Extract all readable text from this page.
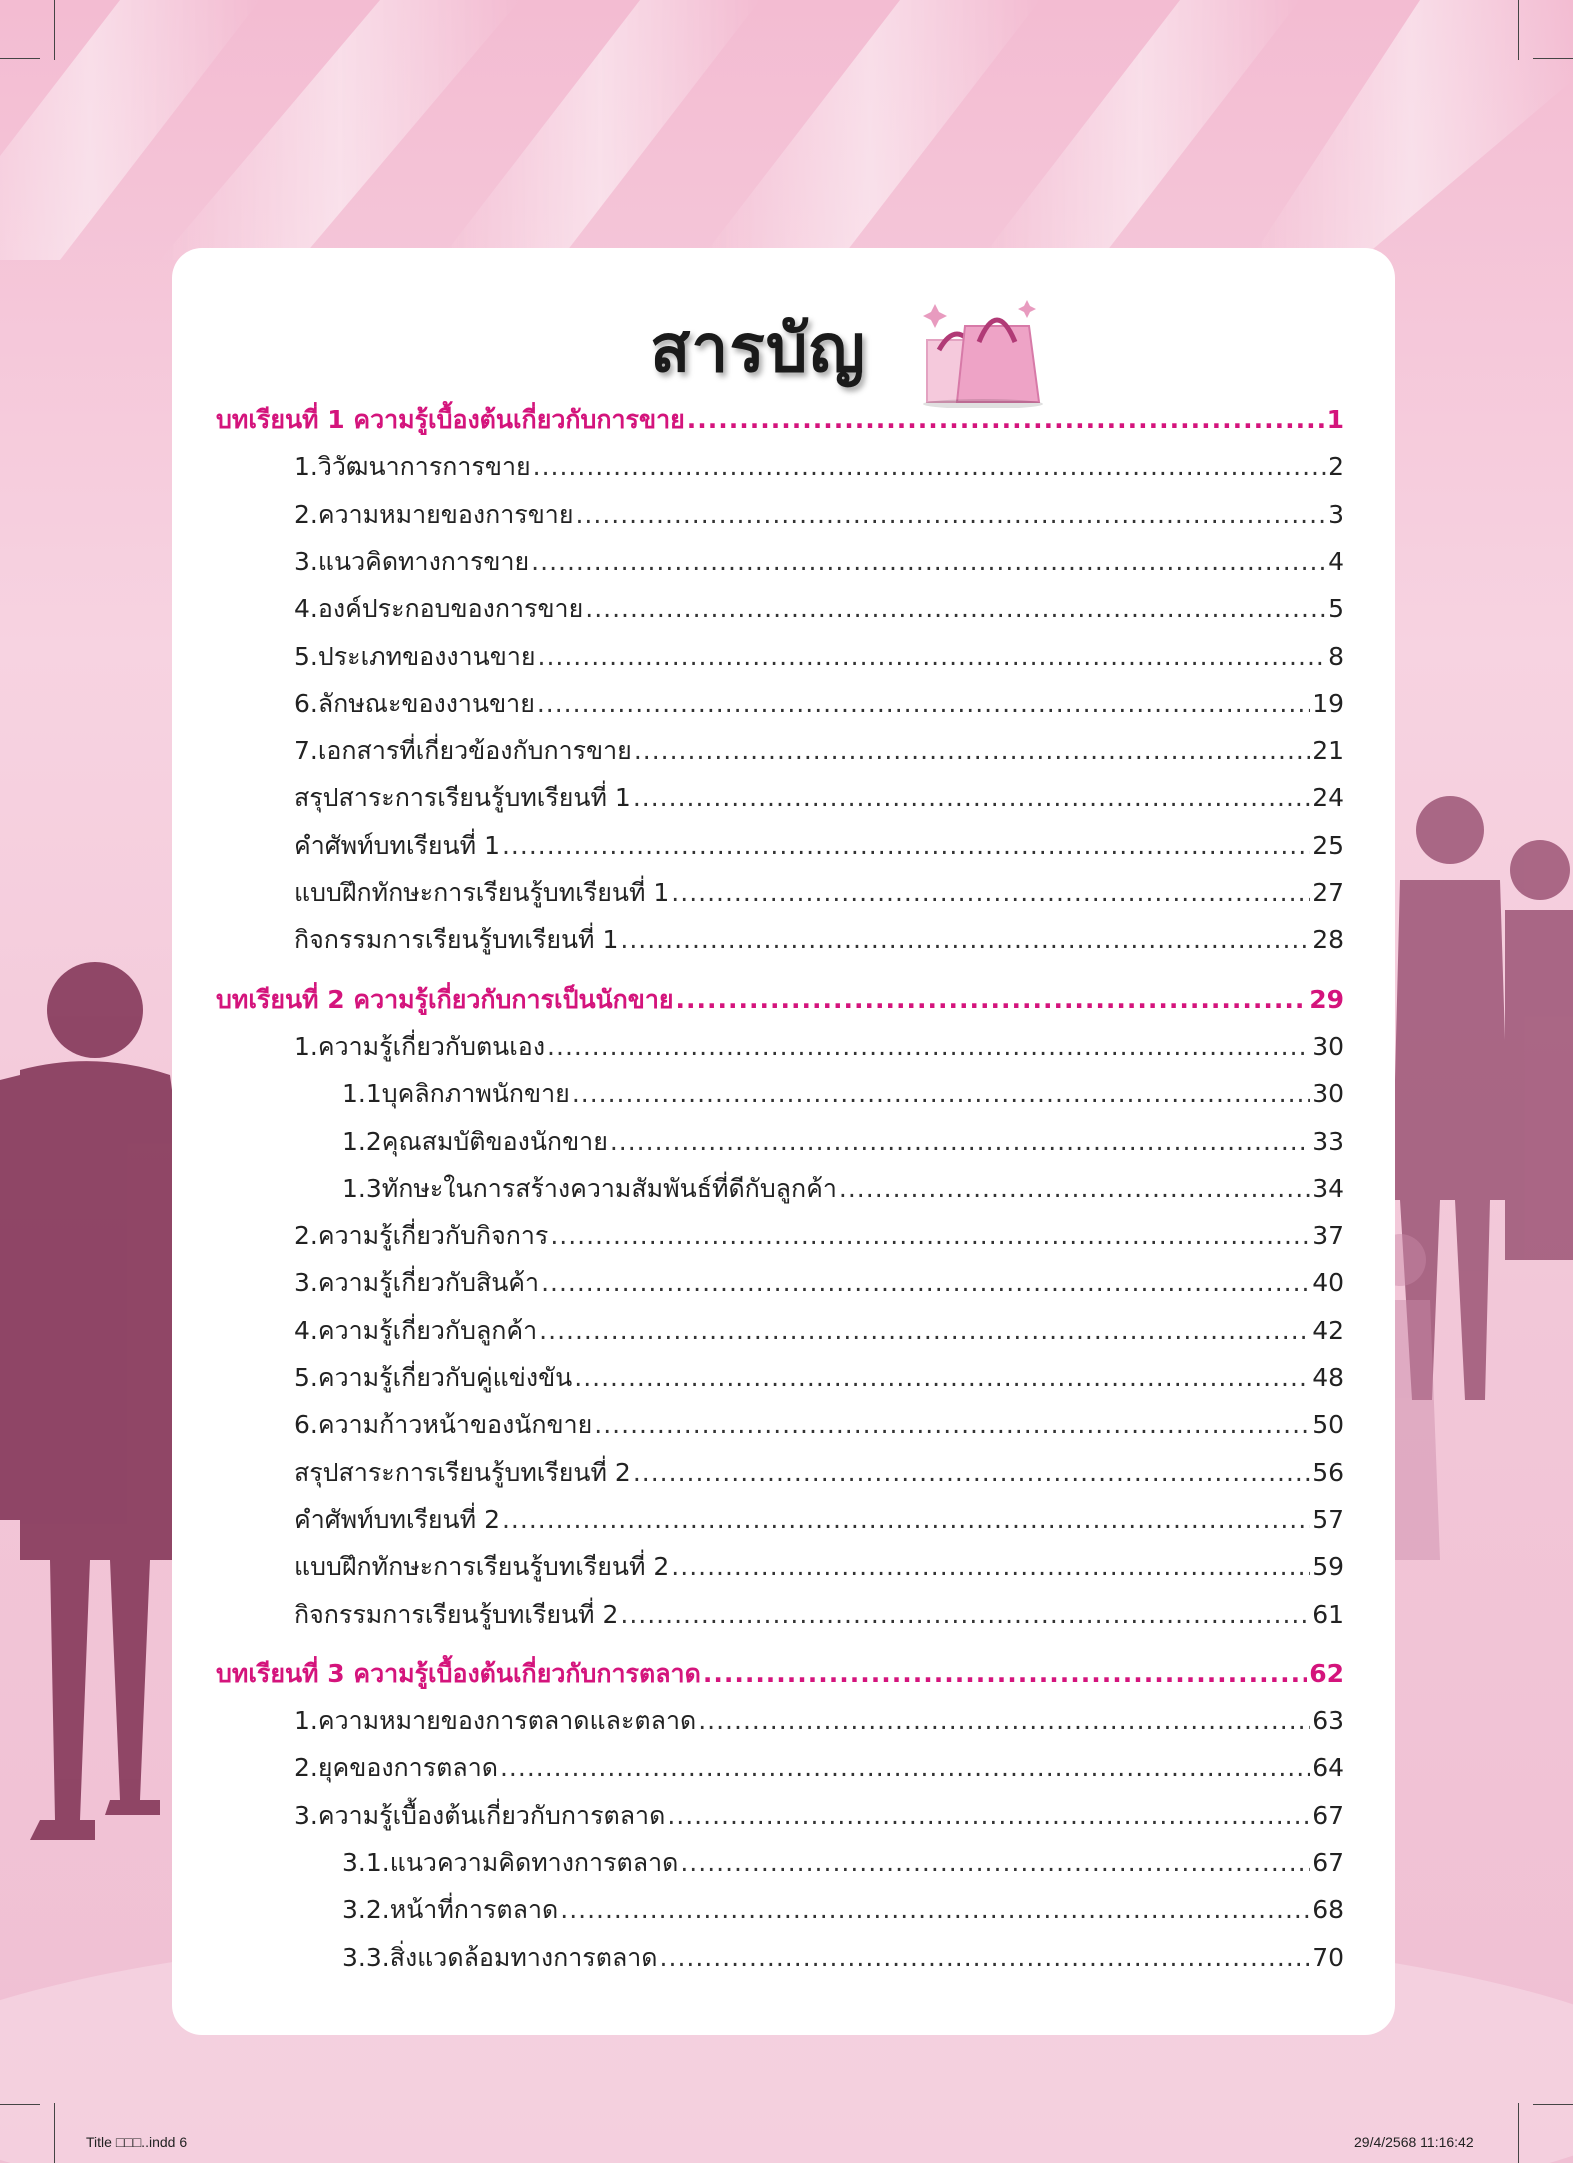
สารบัญ
บทเรียนที่ 1 ความรู้เบื้องต้นเกี่ยวกับการขาย .....	1
1. วิวัฒนาการการขาย .....	2
2. ความหมายของการขาย .....	3
3. แนวคิดทางการขาย .....	4
4. องค์ประกอบของการขาย .....	5
5. ประเภทของงานขาย .....	8
6. ลักษณะของงานขาย .....	19
7. เอกสารที่เกี่ยวข้องกับการขาย .....	21
สรุปสาระการเรียนรู้บทเรียนที่ 1 .....	24
คำศัพท์บทเรียนที่ 1 .....	25
แบบฝึกทักษะการเรียนรู้บทเรียนที่ 1 .....	27
กิจกรรมการเรียนรู้บทเรียนที่ 1 .....	28
บทเรียนที่ 2 ความรู้เกี่ยวกับการเป็นนักขาย .....	29
1. ความรู้เกี่ยวกับตนเอง .....	30
1.1 บุคลิกภาพนักขาย .....	30
1.2 คุณสมบัติของนักขาย .....	33
1.3 ทักษะในการสร้างความสัมพันธ์ที่ดีกับลูกค้า .....	34
2. ความรู้เกี่ยวกับกิจการ .....	37
3. ความรู้เกี่ยวกับสินค้า .....	40
4. ความรู้เกี่ยวกับลูกค้า .....	42
5. ความรู้เกี่ยวกับคู่แข่งขัน .....	48
6. ความก้าวหน้าของนักขาย .....	50
สรุปสาระการเรียนรู้บทเรียนที่ 2 .....	56
คำศัพท์บทเรียนที่ 2 .....	57
แบบฝึกทักษะการเรียนรู้บทเรียนที่ 2 .....	59
กิจกรรมการเรียนรู้บทเรียนที่ 2 .....	61
บทเรียนที่ 3 ความรู้เบื้องต้นเกี่ยวกับการตลาด .....	62
1. ความหมายของการตลาดและตลาด .....	63
2. ยุคของการตลาด .....	64
3. ความรู้เบื้องต้นเกี่ยวกับการตลาด .....	67
3.1. แนวความคิดทางการตลาด .....	67
3.2. หน้าที่การตลาด .....	68
3.3. สิ่งแวดล้อมทางการตลาด .....	70
Title □□□..indd 6	29/4/2568 11:16:42
